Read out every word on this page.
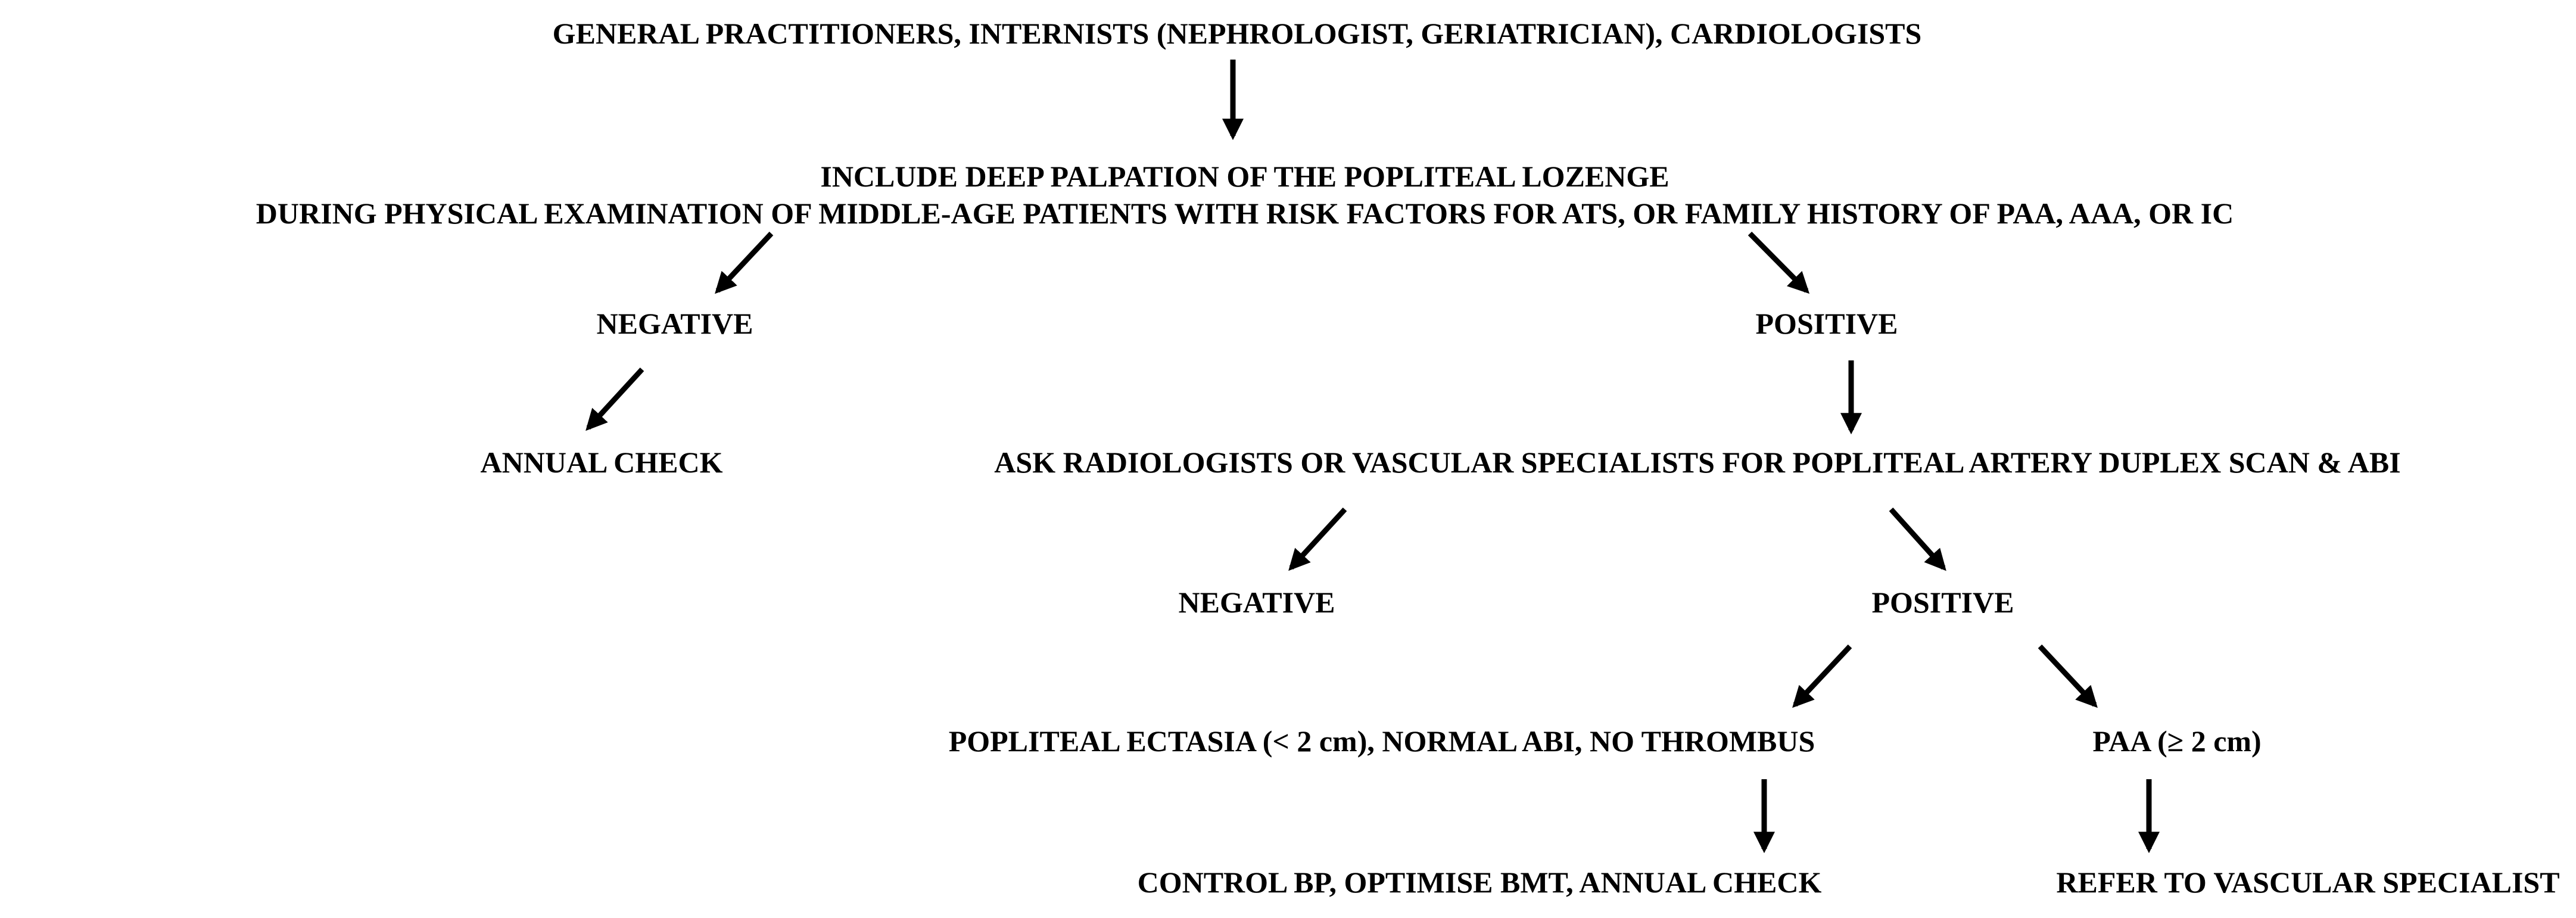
GENERAL PRACTITIONERS, INTERNISTS (NEPHROLOGIST, GERIATRICIAN), CARDIOLOGISTS
INCLUDE DEEP PALPATION OF THE POPLITEAL LOZENGE
DURING PHYSICAL EXAMINATION OF MIDDLE-AGE PATIENTS WITH RISK FACTORS FOR ATS, OR FAMILY HISTORY OF PAA, AAA, OR IC
NEGATIVE	POSITIVE
ANNUAL CHECK	ASK RADIOLOGISTS OR VASCULAR SPECIALISTS FOR POPLITEAL ARTERY DUPLEX SCAN & ABI
NEGATIVE	POSITIVE
POPLITEAL ECTASIA (< 2 cm), NORMAL ABI, NO THROMBUS	PAA (≥ 2 cm)
CONTROL BP, OPTIMISE BMT, ANNUAL CHECK	REFER TO VASCULAR SPECIALIST
